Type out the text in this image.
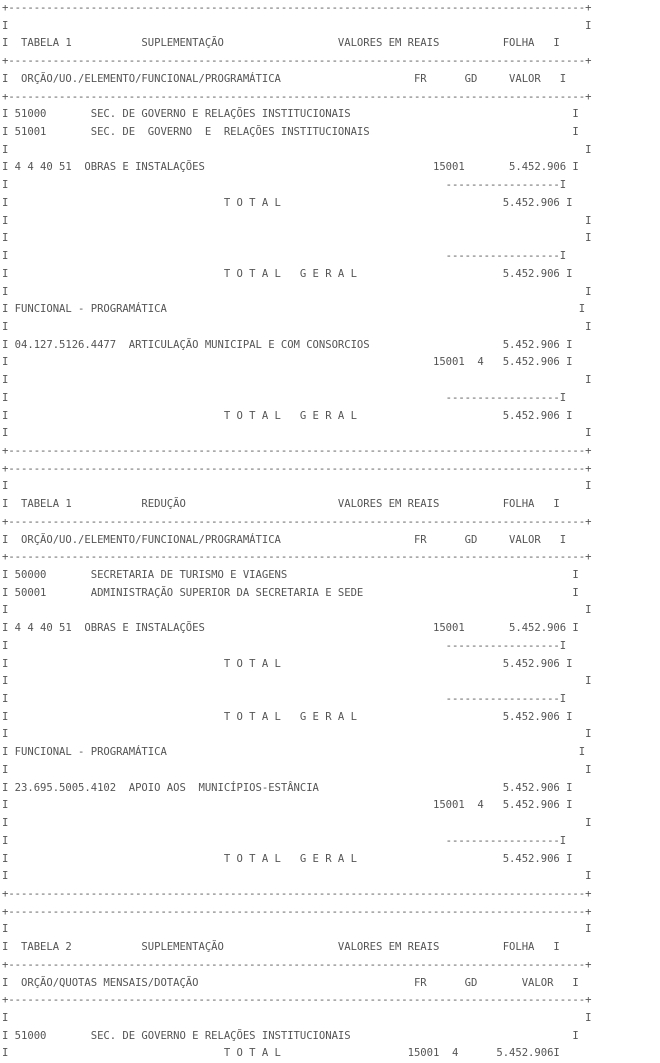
+-------------------------------------------------------------------------------------------+
I                                                                                           I
I  TABELA 1           SUPLEMENTAÇÃO                  VALORES EM REAIS          FOLHA   I
+-------------------------------------------------------------------------------------------+
I  ORÇÃO/UO./ELEMENTO/FUNCIONAL/PROGRAMÁTICA                     FR      GD     VALOR   I
+-------------------------------------------------------------------------------------------+
I 51000       SEC. DE GOVERNO E RELAÇÕES INSTITUCIONAIS                                   I
I 51001       SEC. DE  GOVERNO  E  RELAÇÕES INSTITUCIONAIS                                I
I                                                                                           I
I 4 4 40 51  OBRAS E INSTALAÇÕES                                    15001       5.452.906 I
I                                                                     ------------------I
I                                  T O T A L                                   5.452.906 I
I                                                                                           I
I                                                                                           I
I                                                                     ------------------I
I                                  T O T A L   G E R A L                       5.452.906 I
I                                                                                           I
I FUNCIONAL - PROGRAMÁTICA                                                                 I
I                                                                                           I
I 04.127.5126.4477  ARTICULAÇÃO MUNICIPAL E COM CONSORCIOS                     5.452.906 I
I                                                                   15001  4   5.452.906 I
I                                                                                           I
I                                                                     ------------------I
I                                  T O T A L   G E R A L                       5.452.906 I
I                                                                                           I
+-------------------------------------------------------------------------------------------+
+-------------------------------------------------------------------------------------------+
I                                                                                           I
I  TABELA 1           REDUÇÃO                        VALORES EM REAIS          FOLHA   I
+-------------------------------------------------------------------------------------------+
I  ORÇÃO/UO./ELEMENTO/FUNCIONAL/PROGRAMÁTICA                     FR      GD     VALOR   I
+-------------------------------------------------------------------------------------------+
I 50000       SECRETARIA DE TURISMO E VIAGENS                                             I
I 50001       ADMINISTRAÇÃO SUPERIOR DA SECRETARIA E SEDE                                 I
I                                                                                           I
I 4 4 40 51  OBRAS E INSTALAÇÕES                                    15001       5.452.906 I
I                                                                     ------------------I
I                                  T O T A L                                   5.452.906 I
I                                                                                           I
I                                                                     ------------------I
I                                  T O T A L   G E R A L                       5.452.906 I
I                                                                                           I
I FUNCIONAL - PROGRAMÁTICA                                                                 I
I                                                                                           I
I 23.695.5005.4102  APOIO AOS  MUNICÍPIOS-ESTÂNCIA                             5.452.906 I
I                                                                   15001  4   5.452.906 I
I                                                                                           I
I                                                                     ------------------I
I                                  T O T A L   G E R A L                       5.452.906 I
I                                                                                           I
+-------------------------------------------------------------------------------------------+
+-------------------------------------------------------------------------------------------+
I                                                                                           I
I  TABELA 2           SUPLEMENTAÇÃO                  VALORES EM REAIS          FOLHA   I
+-------------------------------------------------------------------------------------------+
I  ORÇÃO/QUOTAS MENSAIS/DOTAÇÃO                                  FR      GD       VALOR   I
+-------------------------------------------------------------------------------------------+
I                                                                                           I
I 51000       SEC. DE GOVERNO E RELAÇÕES INSTITUCIONAIS                                   I
I                                  T O T A L                    15001  4      5.452.906I
